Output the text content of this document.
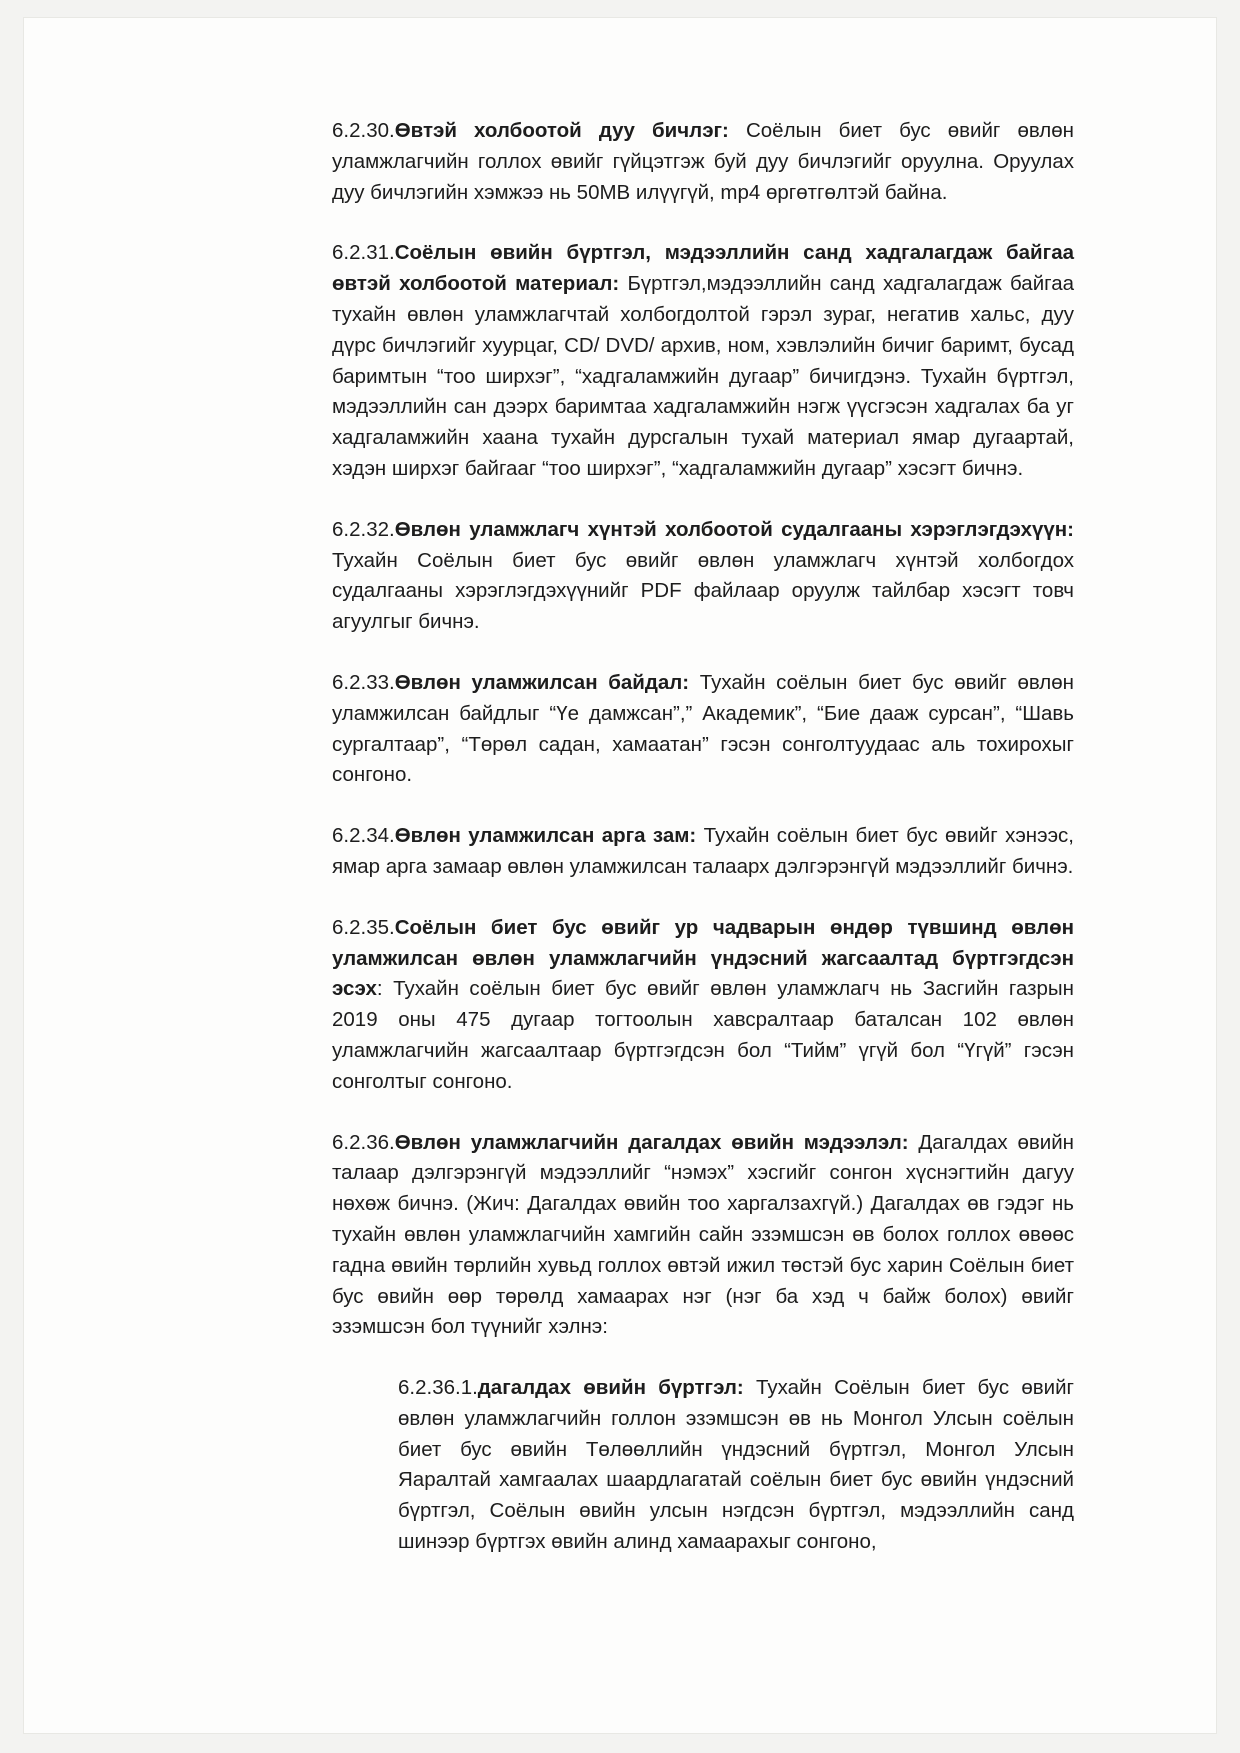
6.2.30.Өвтэй холбоотой дуу бичлэг: Соёлын биет бус өвийг өвлөн уламжлагчийн голлох өвийг гүйцэтгэж буй дуу бичлэгийг оруулна. Оруулах дуу бичлэгийн хэмжээ нь 50MB илүүгүй, mp4 өргөтгөлтэй байна.

6.2.31.Соёлын өвийн бүртгэл, мэдээллийн санд хадгалагдаж байгаа өвтэй холбоотой материал: Бүртгэл,мэдээллийн санд хадгалагдаж байгаа тухайн өвлөн уламжлагчтай холбогдолтой гэрэл зураг, негатив хальс, дуу дүрс бичлэгийг хуурцаг, CD/ DVD/ архив, ном, хэвлэлийн бичиг баримт, бусад баримтын “тоо ширхэг”, “хадгаламжийн дугаар” бичигдэнэ. Тухайн бүртгэл, мэдээллийн сан дээрх баримтаа хадгаламжийн нэгж үүсгэсэн хадгалах ба уг хадгаламжийн хаана тухайн дурсгалын тухай материал ямар дугаартай, хэдэн ширхэг байгааг “тоо ширхэг”, “хадгаламжийн дугаар” хэсэгт бичнэ.

6.2.32.Өвлөн уламжлагч хүнтэй холбоотой судалгааны хэрэглэгдэхүүн: Тухайн Соёлын биет бус өвийг өвлөн уламжлагч хүнтэй холбогдох судалгааны хэрэглэгдэхүүнийг PDF файлаар оруулж тайлбар хэсэгт товч агуулгыг бичнэ.

6.2.33.Өвлөн уламжилсан байдал: Тухайн соёлын биет бус өвийг өвлөн уламжилсан байдлыг “Үе дамжсан”,” Академик”, “Бие дааж сурсан”, “Шавь сургалтаар”, “Төрөл садан, хамаатан” гэсэн сонголтуудаас аль тохирохыг сонгоно.

6.2.34.Өвлөн уламжилсан арга зам: Тухайн соёлын биет бус өвийг хэнээс, ямар арга замаар өвлөн уламжилсан талаарх дэлгэрэнгүй мэдээллийг бичнэ.

6.2.35.Соёлын биет бус өвийг ур чадварын өндөр түвшинд өвлөн уламжилсан өвлөн уламжлагчийн үндэсний жагсаалтад бүртгэгдсэн эсэх: Тухайн соёлын биет бус өвийг өвлөн уламжлагч нь Засгийн газрын 2019 оны 475 дугаар тогтоолын хавсралтаар баталсан 102 өвлөн уламжлагчийн жагсаалтаар бүртгэгдсэн бол “Тийм” үгүй бол “Үгүй” гэсэн сонголтыг сонгоно.

6.2.36.Өвлөн уламжлагчийн дагалдах өвийн мэдээлэл: Дагалдах өвийн талаар дэлгэрэнгүй мэдээллийг “нэмэх” хэсгийг сонгон хүснэгтийн дагуу нөхөж бичнэ. (Жич: Дагалдах өвийн тоо харгалзахгүй.) Дагалдах өв гэдэг нь тухайн өвлөн уламжлагчийн хамгийн сайн эзэмшсэн өв болох голлох өвөөс гадна өвийн төрлийн хувьд голлох өвтэй ижил төстэй бус харин Соёлын биет бус өвийн өөр төрөлд хамаарах нэг (нэг ба хэд ч байж болох) өвийг эзэмшсэн бол түүнийг хэлнэ:

6.2.36.1.дагалдах өвийн бүртгэл: Тухайн Соёлын биет бус өвийг өвлөн уламжлагчийн голлон эзэмшсэн өв нь Монгол Улсын соёлын биет бус өвийн Төлөөллийн үндэсний бүртгэл, Монгол Улсын Яаралтай хамгаалах шаардлагатай соёлын биет бус өвийн үндэсний бүртгэл, Соёлын өвийн улсын нэгдсэн бүртгэл, мэдээллийн санд шинээр бүртгэх өвийн алинд хамаарахыг сонгоно,
